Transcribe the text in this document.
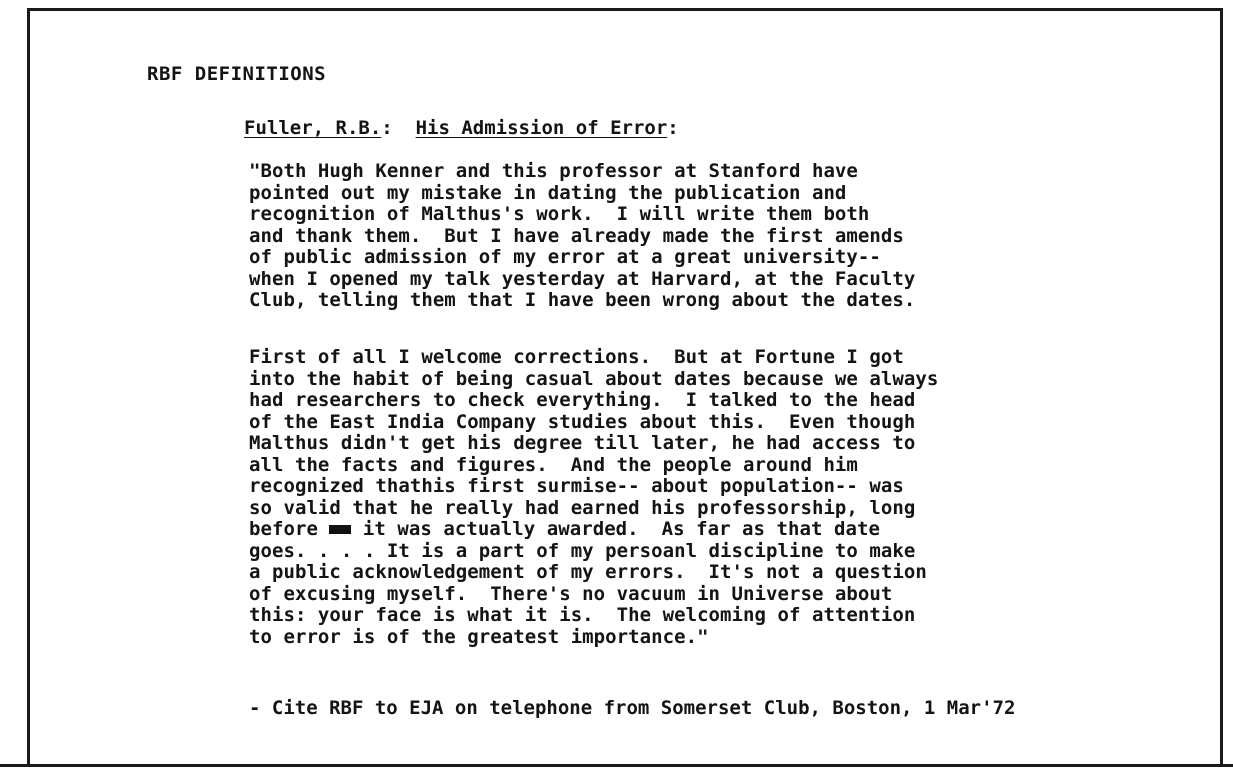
RBF DEFINITIONS
Fuller, R.B.:  His Admission of Error:
"Both Hugh Kenner and this professor at Stanford have
pointed out my mistake in dating the publication and
recognition of Malthus's work.  I will write them both
and thank them.  But I have already made the first amends
of public admission of my error at a great university--
when I opened my talk yesterday at Harvard, at the Faculty
Club, telling them that I have been wrong about the dates.
First of all I welcome corrections.  But at Fortune I got
into the habit of being casual about dates because we always
had researchers to check everything.  I talked to the head
of the East India Company studies about this.  Even though
Malthus didn't get his degree till later, he had access to
all the facts and figures.  And the people around him
recognized thathis first surmise-- about population-- was
so valid that he really had earned his professorship, long
before  it was actually awarded.  As far as that date
goes. . . . It is a part of my persoanl discipline to make
a public acknowledgement of my errors.  It's not a question
of excusing myself.  There's no vacuum in Universe about
this: your face is what it is.  The welcoming of attention
to error is of the greatest importance."
- Cite RBF to EJA on telephone from Somerset Club, Boston, 1 Mar'72
